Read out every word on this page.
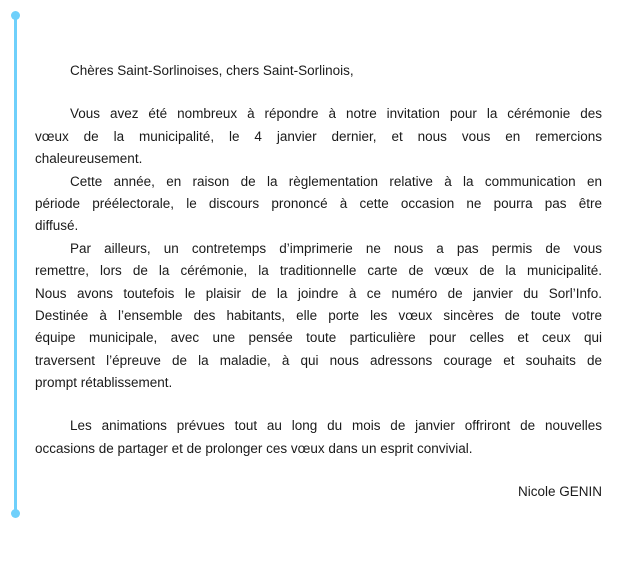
Chères Saint-Sorlinoises, chers Saint-Sorlinois,
Vous avez été nombreux à répondre à notre invitation pour la cérémonie des
vœux de la municipalité, le 4 janvier dernier, et nous vous en remercions
chaleureusement.
Cette année, en raison de la règlementation relative à la communication en
période préélectorale, le discours prononcé à cette occasion ne pourra pas être
diffusé.
Par ailleurs, un contretemps d’imprimerie ne nous a pas permis de vous
remettre, lors de la cérémonie, la traditionnelle carte de vœux de la municipalité.
Nous avons toutefois le plaisir de la joindre à ce numéro de janvier du Sorl’Info.
Destinée à l’ensemble des habitants, elle porte les vœux sincères de toute votre
équipe municipale, avec une pensée toute particulière pour celles et ceux qui
traversent l’épreuve de la maladie, à qui nous adressons courage et souhaits de
prompt rétablissement.
Les animations prévues tout au long du mois de janvier offriront de nouvelles
occasions de partager et de prolonger ces vœux dans un esprit convivial.
Nicole GENIN
